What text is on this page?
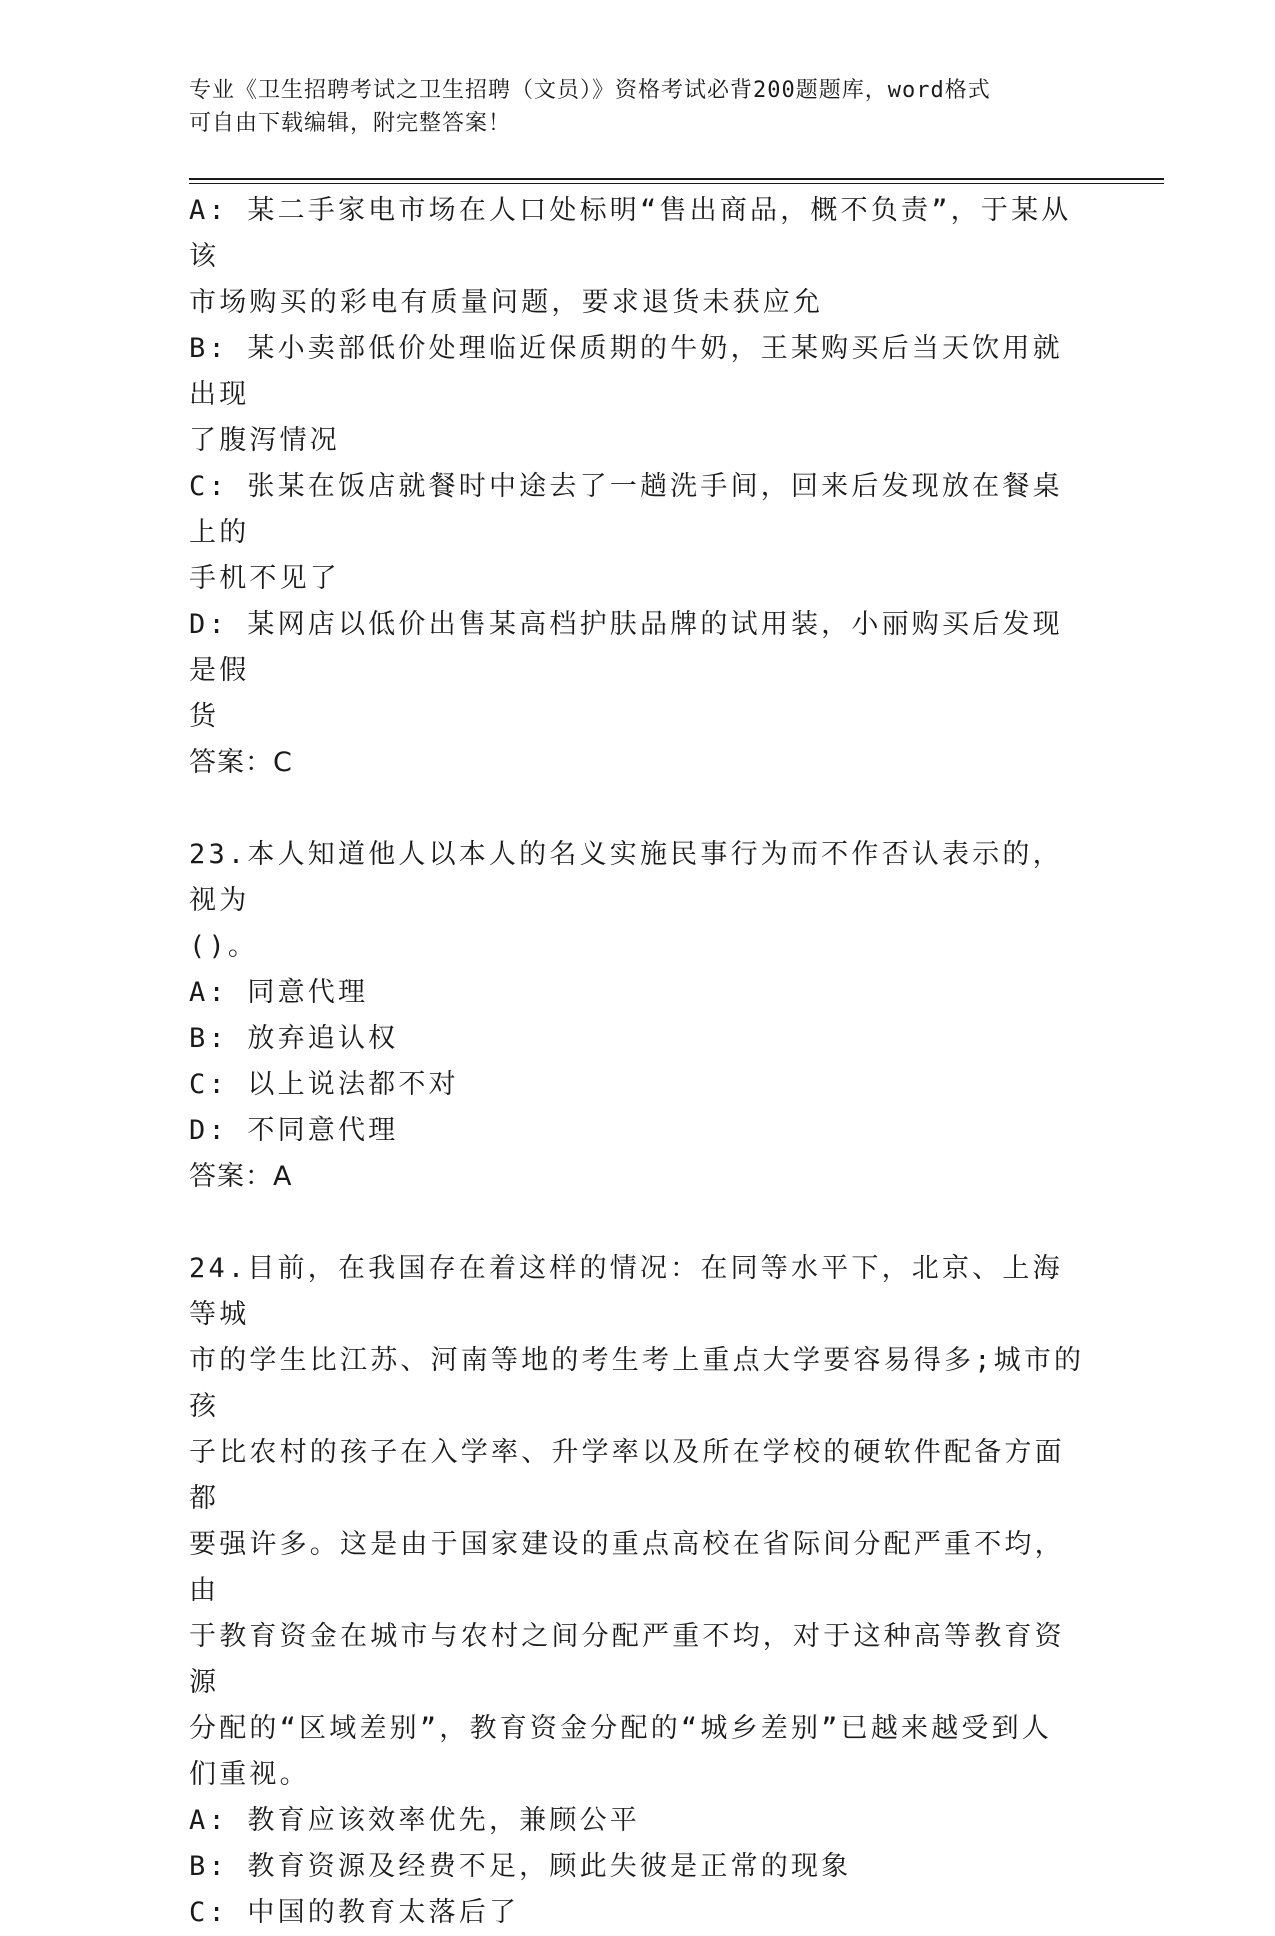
专业《卫生招聘考试之卫生招聘（文员）》资格考试必背200题题库，word格式
可自由下载编辑，附完整答案！
A: 某二手家电市场在人口处标明“售出商品，概不负责”，于某从该
市场购买的彩电有质量问题，要求退货未获应允
B: 某小卖部低价处理临近保质期的牛奶，王某购买后当天饮用就出现
了腹泻情况
C: 张某在饭店就餐时中途去了一趟洗手间，回来后发现放在餐桌上的
手机不见了
D: 某网店以低价出售某高档护肤品牌的试用装，小丽购买后发现是假
货
答案：C
23.本人知道他人以本人的名义实施民事行为而不作否认表示的，视为
()。
A: 同意代理
B: 放弃追认权
C: 以上说法都不对
D: 不同意代理
答案：A
24.目前，在我国存在着这样的情况：在同等水平下，北京、上海等城
市的学生比江苏、河南等地的考生考上重点大学要容易得多;城市的孩
子比农村的孩子在入学率、升学率以及所在学校的硬软件配备方面都
要强许多。这是由于国家建设的重点高校在省际间分配严重不均，由
于教育资金在城市与农村之间分配严重不均，对于这种高等教育资源
分配的“区域差别”，教育资金分配的“城乡差别”已越来越受到人
们重视。
A: 教育应该效率优先，兼顾公平
B: 教育资源及经费不足，顾此失彼是正常的现象
C: 中国的教育太落后了
